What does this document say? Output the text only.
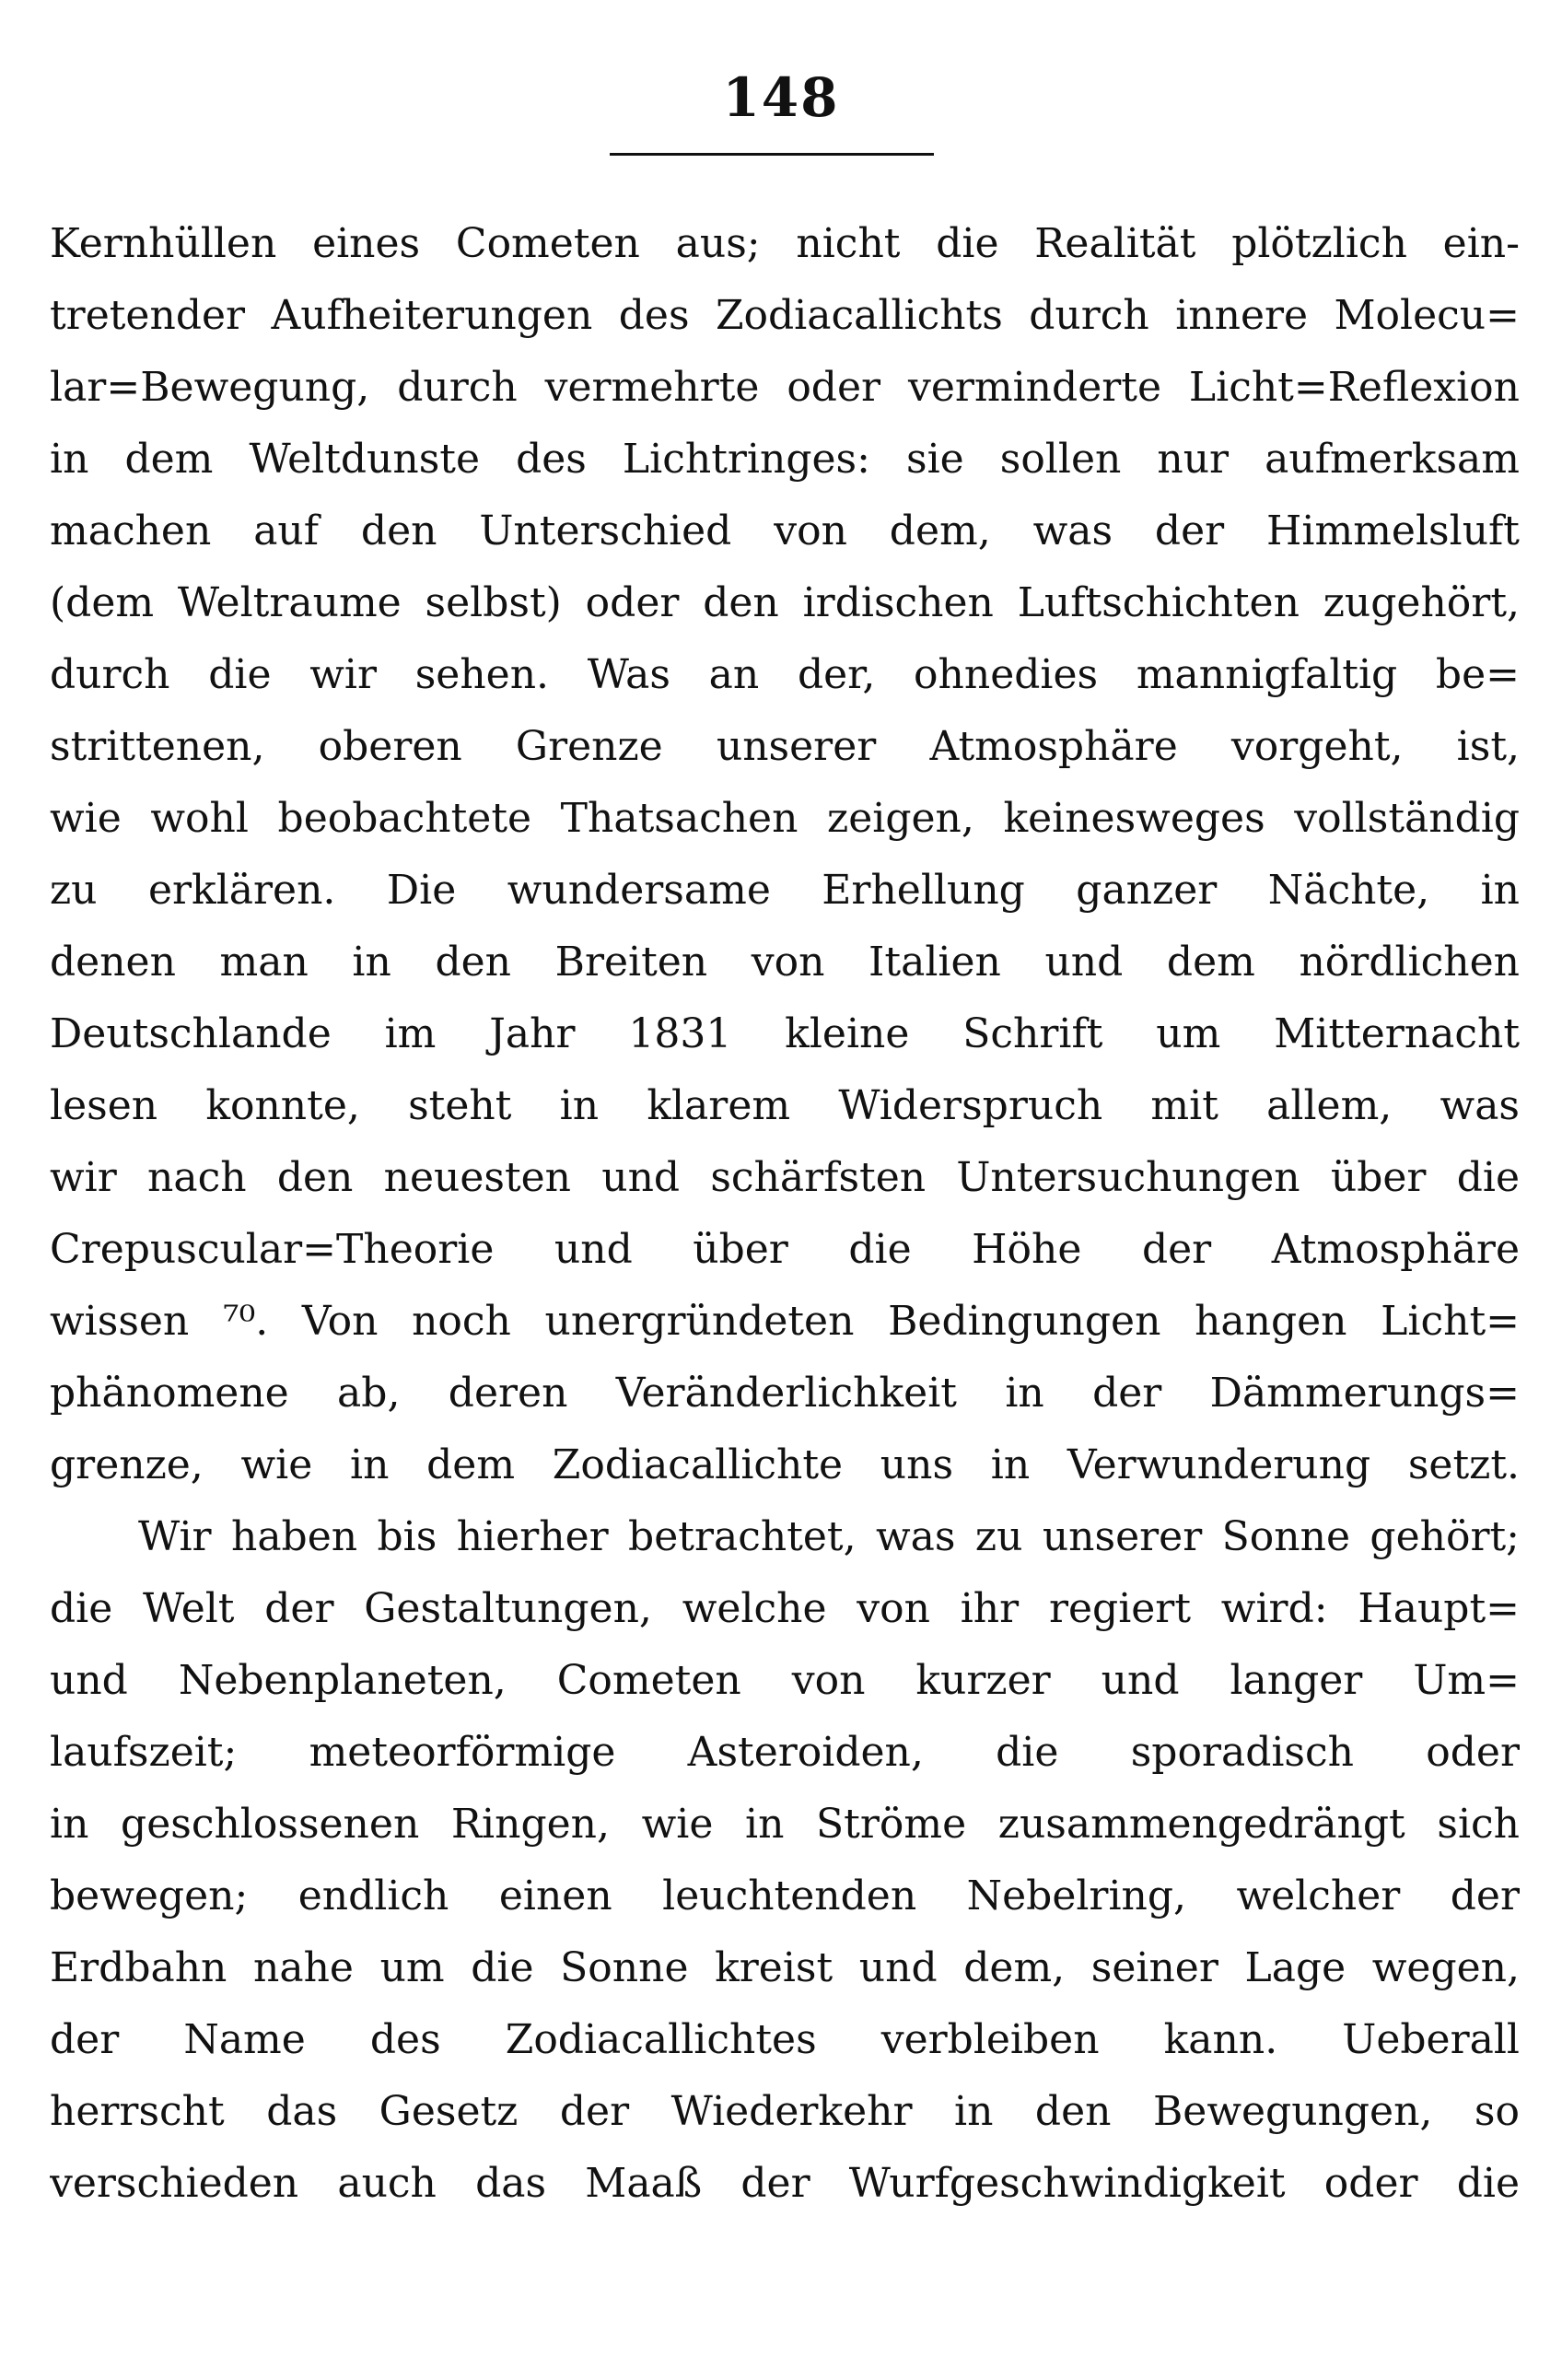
148
Kernhüllen eines Cometen aus; nicht die Realität plötzlich ein-
tretender Aufheiterungen des Zodiacallichts durch innere Molecu=
lar=Bewegung, durch vermehrte oder verminderte Licht=Reflexion
in dem Weltdunste des Lichtringes: sie sollen nur aufmerksam
machen auf den Unterschied von dem, was der Himmelsluft
(dem Weltraume selbst) oder den irdischen Luftschichten zugehört,
durch die wir sehen. Was an der, ohnedies mannigfaltig be=
strittenen, oberen Grenze unserer Atmosphäre vorgeht, ist,
wie wohl beobachtete Thatsachen zeigen, keinesweges vollständig
zu erklären. Die wundersame Erhellung ganzer Nächte, in
denen man in den Breiten von Italien und dem nördlichen
Deutschlande im Jahr 1831 kleine Schrift um Mitternacht
lesen konnte, steht in klarem Widerspruch mit allem, was
wir nach den neuesten und schärfsten Untersuchungen über die
Crepuscular=Theorie und über die Höhe der Atmosphäre
wissen ⁷⁰. Von noch unergründeten Bedingungen hangen Licht=
phänomene ab, deren Veränderlichkeit in der Dämmerungs=
grenze, wie in dem Zodiacallichte uns in Verwunderung setzt.
Wir haben bis hierher betrachtet, was zu unserer Sonne gehört;
die Welt der Gestaltungen, welche von ihr regiert wird: Haupt=
und Nebenplaneten, Cometen von kurzer und langer Um=
laufszeit; meteorförmige Asteroiden, die sporadisch oder
in geschlossenen Ringen, wie in Ströme zusammengedrängt sich
bewegen; endlich einen leuchtenden Nebelring, welcher der
Erdbahn nahe um die Sonne kreist und dem, seiner Lage wegen,
der Name des Zodiacallichtes verbleiben kann. Ueberall
herrscht das Gesetz der Wiederkehr in den Bewegungen, so
verschieden auch das Maaß der Wurfgeschwindigkeit oder die
